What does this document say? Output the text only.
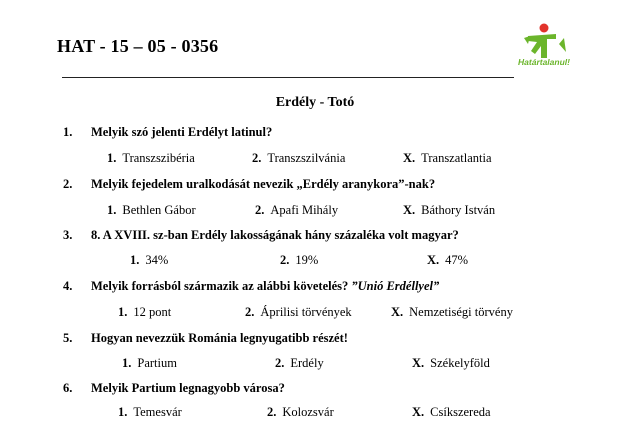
HAT - 15 – 05 - 0356
Határtalanul!
Erdély - Totó
1. Melyik szó jelenti Erdélyt latinul?
1. Transzszibéria	2. Transzszilvánia	X. Transzatlantia
2. Melyik fejedelem uralkodását nevezik „Erdély aranykora”-nak?
1. Bethlen Gábor	2. Apafi Mihály	X. Báthory István
3. 8. A XVIII. sz-ban Erdély lakosságának hány százaléka volt magyar?
1. 34%	2. 19%	X. 47%
4. Melyik forrásból származik az alábbi követelés? ”Unió Erdéllyel”
1. 12 pont	2. Áprilisi törvények	X. Nemzetiségi törvény
5. Hogyan nevezzük Románia legnyugatibb részét!
1. Partium	2. Erdély	X. Székelyföld
6. Melyik Partium legnagyobb városa?
1. Temesvár	2. Kolozsvár	X. Csíkszereda
